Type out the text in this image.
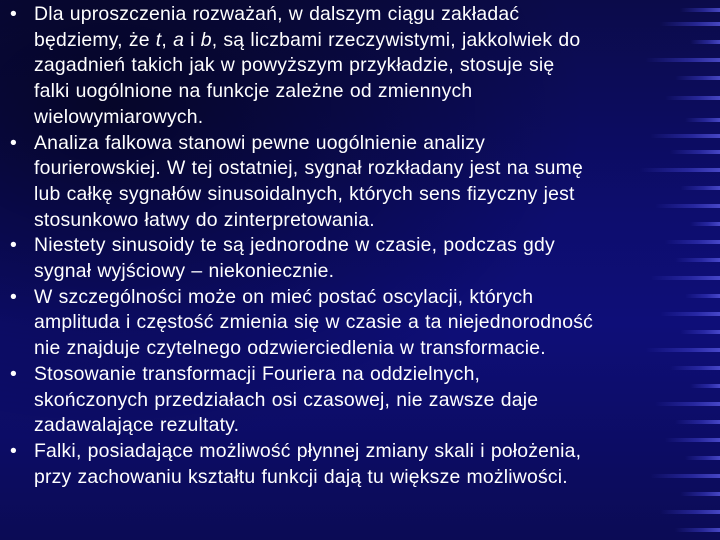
• Dla uproszczenia rozważań, w dalszym ciągu zakładać
będziemy, że t, a i b, są liczbami rzeczywistymi, jakkolwiek do
zagadnień takich jak w powyższym przykładzie, stosuje się
falki uogólnione na funkcje zależne od zmiennych
wielowymiarowych.
• Analiza falkowa stanowi pewne uogólnienie analizy
fourierowskiej. W tej ostatniej, sygnał rozkładany jest na sumę
lub całkę sygnałów sinusoidalnych, których sens fizyczny jest
stosunkowo łatwy do zinterpretowania.
• Niestety sinusoidy te są jednorodne w czasie, podczas gdy
sygnał wyjściowy – niekoniecznie.
• W szczególności może on mieć postać oscylacji, których
amplituda i częstość zmienia się w czasie a ta niejednorodność
nie znajduje czytelnego odzwierciedlenia w transformacie.
• Stosowanie transformacji Fouriera na oddzielnych,
skończonych przedziałach osi czasowej, nie zawsze daje
zadawalające rezultaty.
• Falki, posiadające możliwość płynnej zmiany skali i położenia,
przy zachowaniu kształtu funkcji dają tu większe możliwości.
